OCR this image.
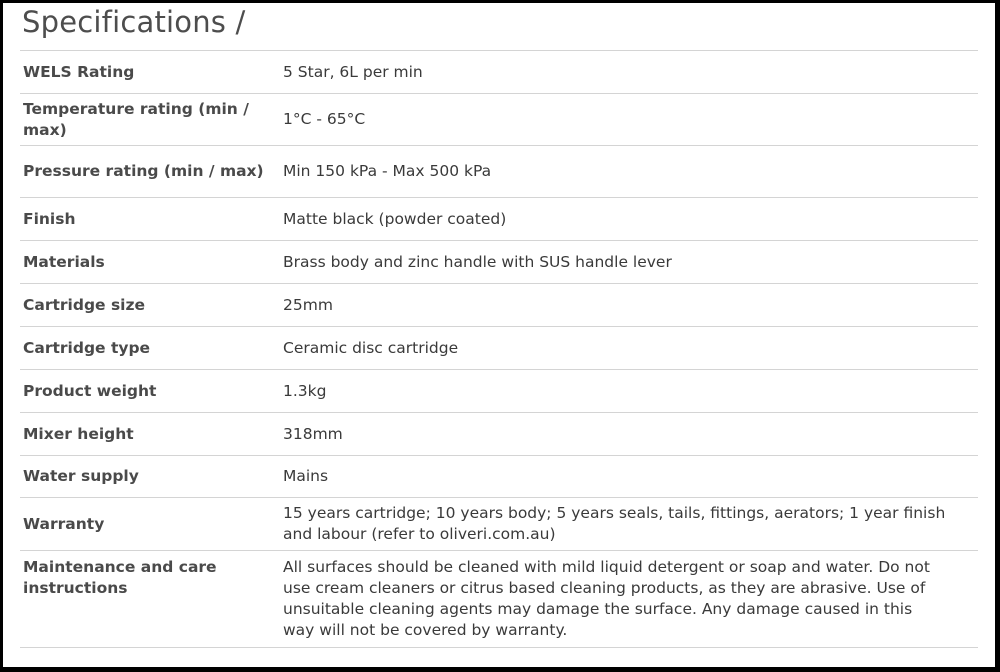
Specifications /
WELS Rating	5 Star, 6L per min
Temperature rating (min / max)	1°C - 65°C
Pressure rating (min / max)	Min 150 kPa - Max 500 kPa
Finish	Matte black (powder coated)
Materials	Brass body and zinc handle with SUS handle lever
Cartridge size	25mm
Cartridge type	Ceramic disc cartridge
Product weight	1.3kg
Mixer height	318mm
Water supply	Mains
Warranty	15 years cartridge; 10 years body; 5 years seals, tails, fittings, aerators; 1 year finish and labour (refer to oliveri.com.au)
Maintenance and care instructions	All surfaces should be cleaned with mild liquid detergent or soap and water. Do not use cream cleaners or citrus based cleaning products, as they are abrasive. Use of unsuitable cleaning agents may damage the surface. Any damage caused in this way will not be covered by warranty.
